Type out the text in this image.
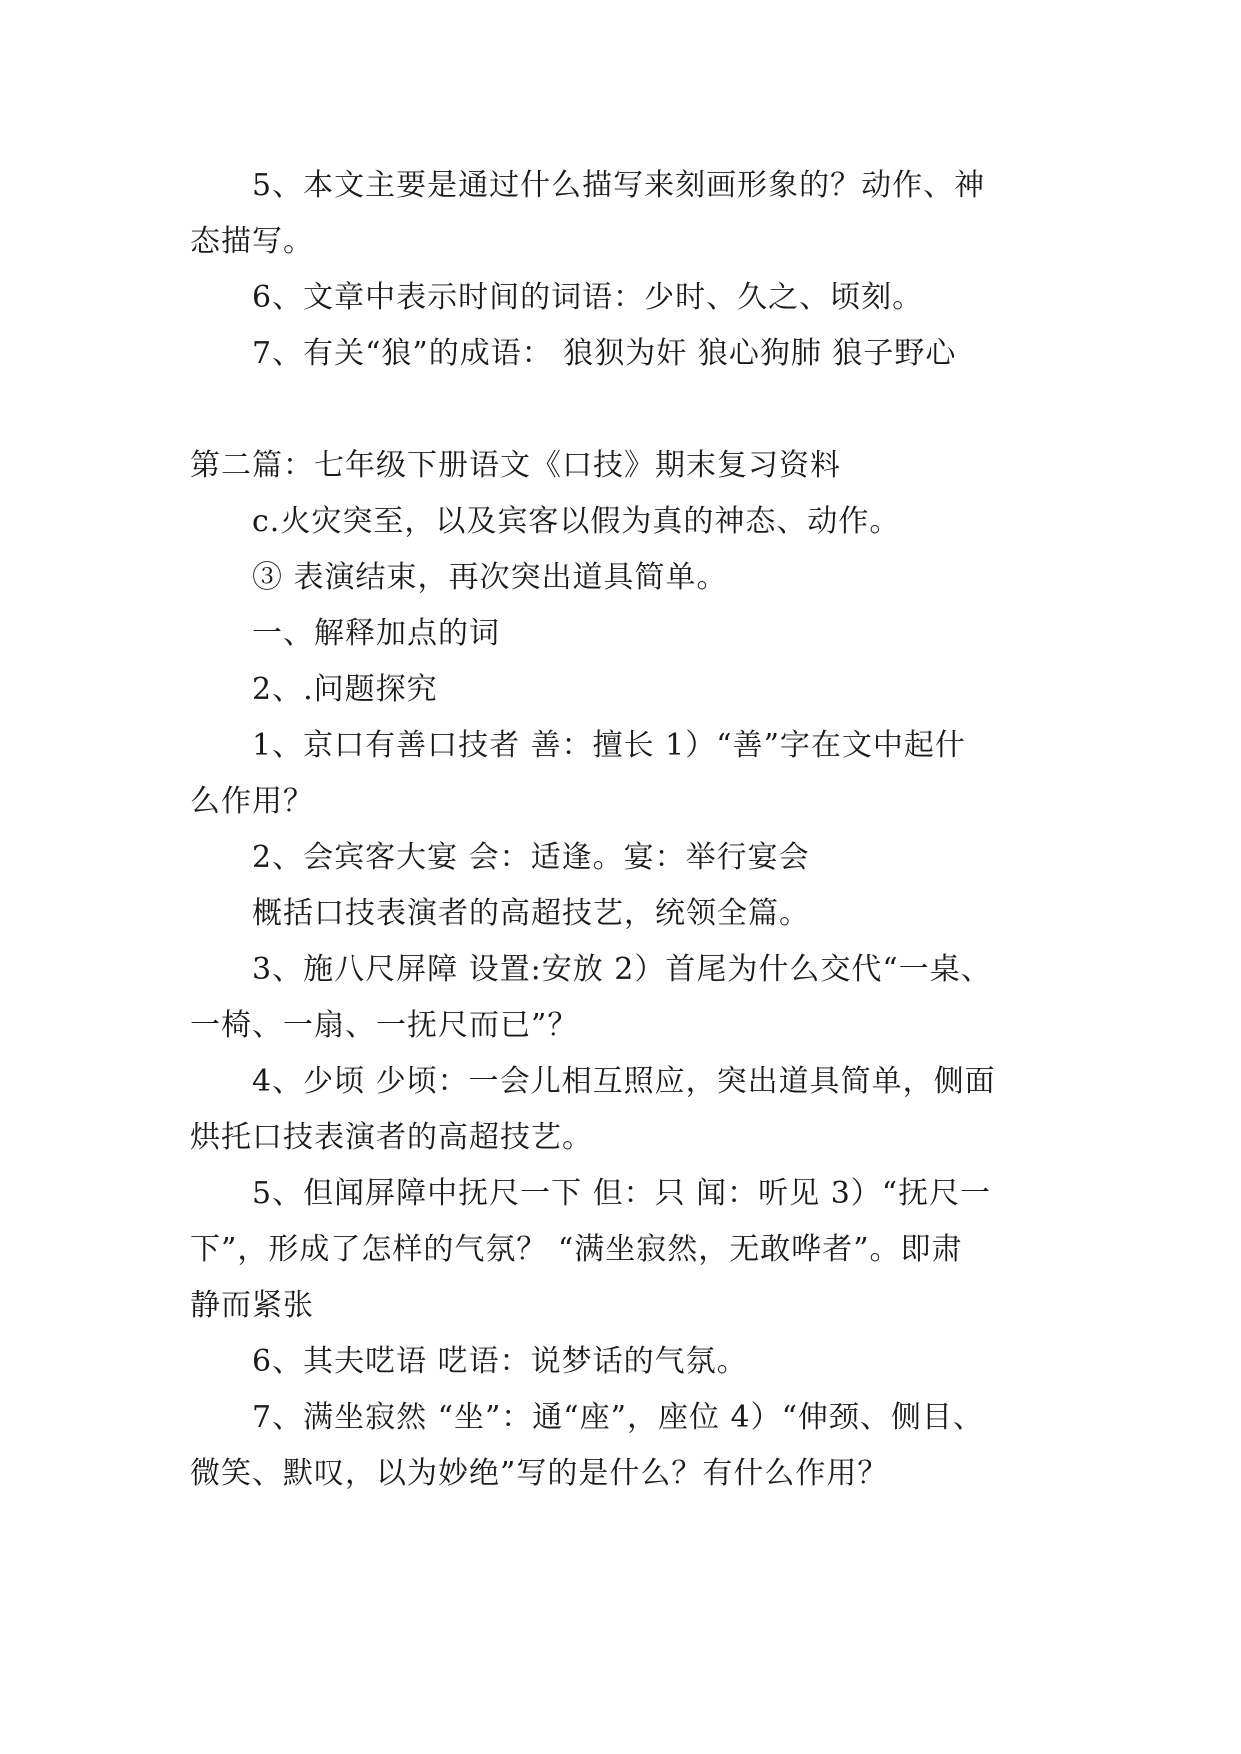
5、本文主要是通过什么描写来刻画形象的？动作、神
态描写。
6、文章中表示时间的词语：少时、久之、顷刻。
7、有关“狼”的成语： 狼狈为奸 狼心狗肺 狼子野心
第二篇：七年级下册语文《口技》期末复习资料
c.火灾突至，以及宾客以假为真的神态、动作。
③ 表演结束，再次突出道具简单。
一、解释加点的词
2、.问题探究
1、京口有善口技者 善：擅长 1）“善”字在文中起什
么作用？
2、会宾客大宴 会：适逢。宴：举行宴会
概括口技表演者的高超技艺，统领全篇。
3、施八尺屏障 设置:安放 2）首尾为什么交代“一桌、
一椅、一扇、一抚尺而已”？
4、少顷 少顷：一会儿相互照应，突出道具简单，侧面
烘托口技表演者的高超技艺。
5、但闻屏障中抚尺一下 但：只 闻：听见 3）“抚尺一
下”，形成了怎样的气氛？ “满坐寂然，无敢哗者”。即肃
静而紧张
6、其夫呓语 呓语：说梦话的气氛。
7、满坐寂然 “坐”：通“座”，座位 4）“伸颈、侧目、
微笑、默叹，以为妙绝”写的是什么？有什么作用？
